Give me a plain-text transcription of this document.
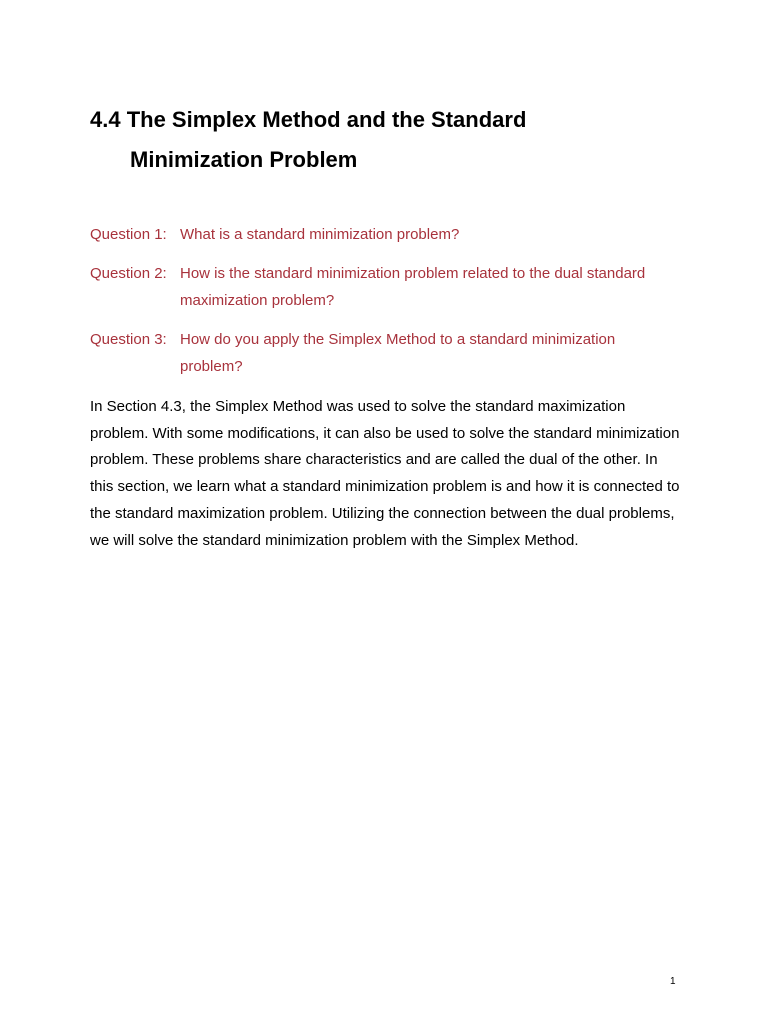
4.4 The Simplex Method and the Standard
Minimization Problem
Question 1: What is a standard minimization problem?
Question 2: How is the standard minimization problem related to the dual standard maximization problem?
Question 3: How do you apply the Simplex Method to a standard minimization problem?
In Section 4.3, the Simplex Method was used to solve the standard maximization problem. With some modifications, it can also be used to solve the standard minimization problem. These problems share characteristics and are called the dual of the other. In this section, we learn what a standard minimization problem is and how it is connected to the standard maximization problem. Utilizing the connection between the dual problems, we will solve the standard minimization problem with the Simplex Method.
1
